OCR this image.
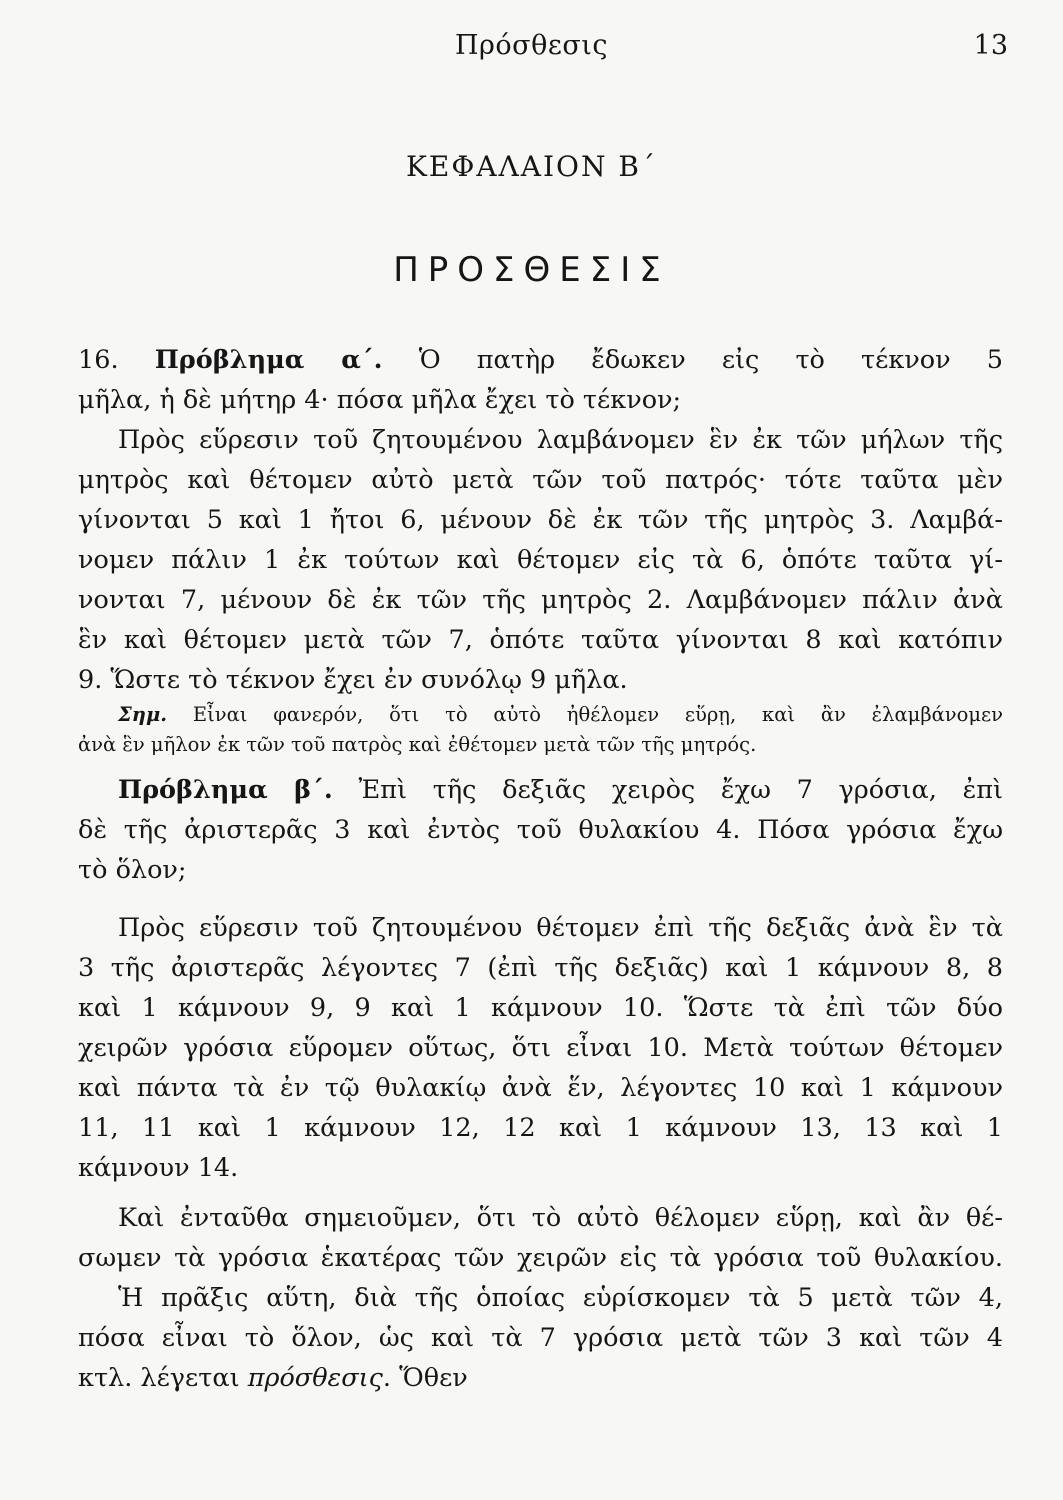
Πρόσθεσις	13
ΚΕΦΑΛΑΙΟΝ Β΄
ΠΡΟΣΘΕΣΙΣ
16. Πρόβλημα α΄. Ὁ πατὴρ ἔδωκεν εἰς τὸ τέκνον 5
μῆλα, ἡ δὲ μήτηρ 4· πόσα μῆλα ἔχει τὸ τέκνον;
Πρὸς εὕρεσιν τοῦ ζητουμένου λαμβάνομεν ἓν ἐκ τῶν μήλων τῆς
μητρὸς καὶ θέτομεν αὐτὸ μετὰ τῶν τοῦ πατρός· τότε ταῦτα μὲν
γίνονται 5 καὶ 1 ἤτοι 6, μένουν δὲ ἐκ τῶν τῆς μητρὸς 3. Λαμβά-
νομεν πάλιν 1 ἐκ τούτων καὶ θέτομεν εἰς τὰ 6, ὁπότε ταῦτα γί-
νονται 7, μένουν δὲ ἐκ τῶν τῆς μητρὸς 2. Λαμβάνομεν πάλιν ἀνὰ
ἓν καὶ θέτομεν μετὰ τῶν 7, ὁπότε ταῦτα γίνονται 8 καὶ κατόπιν
9. Ὥστε τὸ τέκνον ἔχει ἐν συνόλῳ 9 μῆλα.
Σημ. Εἶναι φανερόν, ὅτι τὸ αὐτὸ ἠθέλομεν εὕρῃ, καὶ ἂν ἐλαμβάνομεν
ἀνὰ ἓν μῆλον ἐκ τῶν τοῦ πατρὸς καὶ ἐθέτομεν μετὰ τῶν τῆς μητρός.
Πρόβλημα β΄. Ἐπὶ τῆς δεξιᾶς χειρὸς ἔχω 7 γρόσια, ἐπὶ
δὲ τῆς ἀριστερᾶς 3 καὶ ἐντὸς τοῦ θυλακίου 4. Πόσα γρόσια ἔχω
τὸ ὅλον;
Πρὸς εὕρεσιν τοῦ ζητουμένου θέτομεν ἐπὶ τῆς δεξιᾶς ἀνὰ ἓν τὰ
3 τῆς ἀριστερᾶς λέγοντες 7 (ἐπὶ τῆς δεξιᾶς) καὶ 1 κάμνουν 8, 8
καὶ 1 κάμνουν 9, 9 καὶ 1 κάμνουν 10. Ὥστε τὰ ἐπὶ τῶν δύο
χειρῶν γρόσια εὕρομεν οὕτως, ὅτι εἶναι 10. Μετὰ τούτων θέτομεν
καὶ πάντα τὰ ἐν τῷ θυλακίῳ ἀνὰ ἕν, λέγοντες 10 καὶ 1 κάμνουν
11, 11 καὶ 1 κάμνουν 12, 12 καὶ 1 κάμνουν 13, 13 καὶ 1
κάμνουν 14.
Καὶ ἐνταῦθα σημειοῦμεν, ὅτι τὸ αὐτὸ θέλομεν εὕρῃ, καὶ ἂν θέ-
σωμεν τὰ γρόσια ἑκατέρας τῶν χειρῶν εἰς τὰ γρόσια τοῦ θυλακίου.
Ἡ πρᾶξις αὕτη, διὰ τῆς ὁποίας εὑρίσκομεν τὰ 5 μετὰ τῶν 4,
πόσα εἶναι τὸ ὅλον, ὡς καὶ τὰ 7 γρόσια μετὰ τῶν 3 καὶ τῶν 4
κτλ. λέγεται πρόσθεσις. Ὅθεν
